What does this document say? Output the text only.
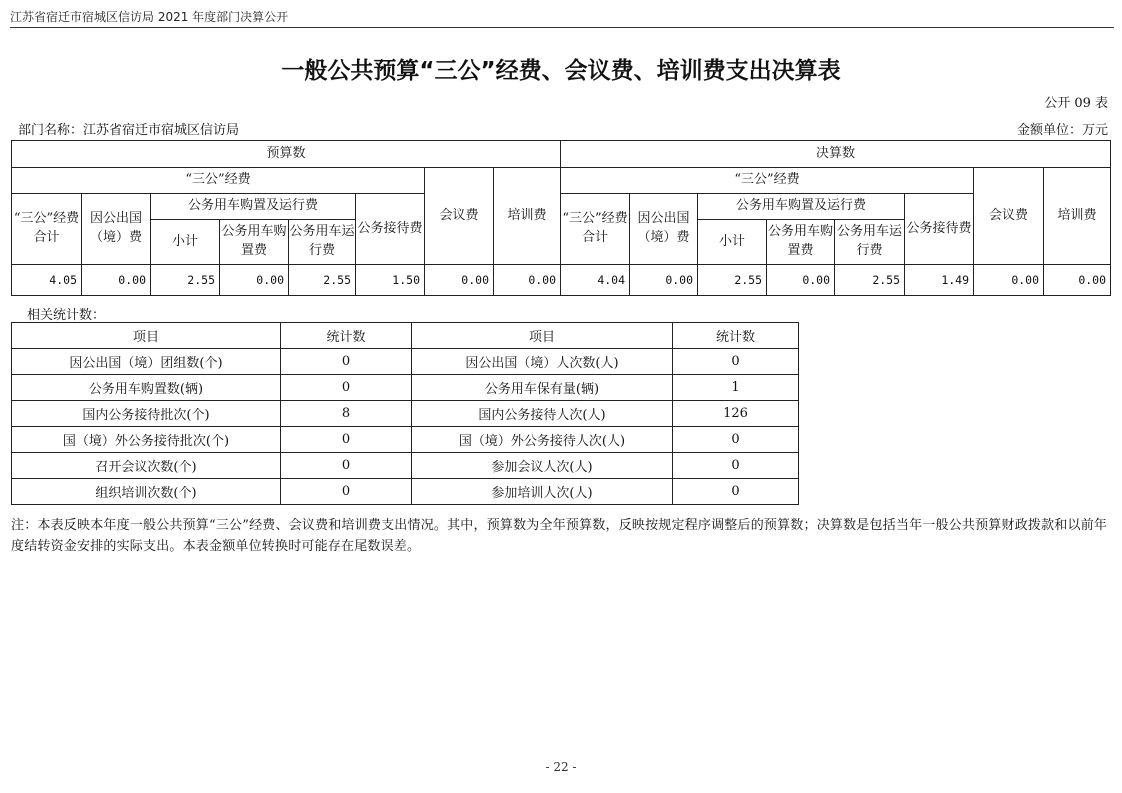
江苏省宿迁市宿城区信访局 2021 年度部门决算公开
一般公共预算“三公”经费、会议费、培训费支出决算表
公开 09 表
部门名称：江苏省宿迁市宿城区信访局	金额单位：万元
预算数								决算数							
“三公”经费						会议费	培训费	“三公”经费						会议费	培训费
“三公”经费合计	因公出国（境）费	公务用车购置及运行费			公务接待费			“三公”经费合计	因公出国（境）费	公务用车购置及运行费			公务接待费		
		小计	公务用车购置费	公务用车运行费						小计	公务用车购置费	公务用车运行费			
4.05	0.00	2.55	0.00	2.55	1.50	0.00	0.00	4.04	0.00	2.55	0.00	2.55	1.49	0.00	0.00
相关统计数：
项目	统计数	项目	统计数
因公出国（境）团组数(个)	0	因公出国（境）人次数(人)	0
公务用车购置数(辆)	0	公务用车保有量(辆)	1
国内公务接待批次(个)	8	国内公务接待人次(人)	126
国（境）外公务接待批次(个)	0	国（境）外公务接待人次(人)	0
召开会议次数(个)	0	参加会议人次(人)	0
组织培训次数(个)	0	参加培训人次(人)	0
注：本表反映本年度一般公共预算“三公”经费、会议费和培训费支出情况。其中，预算数为全年预算数，反映按规定程序调整后的预算数；决算数是包括当年一般公共预算财政拨款和以前年度结转资金安排的实际支出。本表金额单位转换时可能存在尾数误差。
- 22 -
